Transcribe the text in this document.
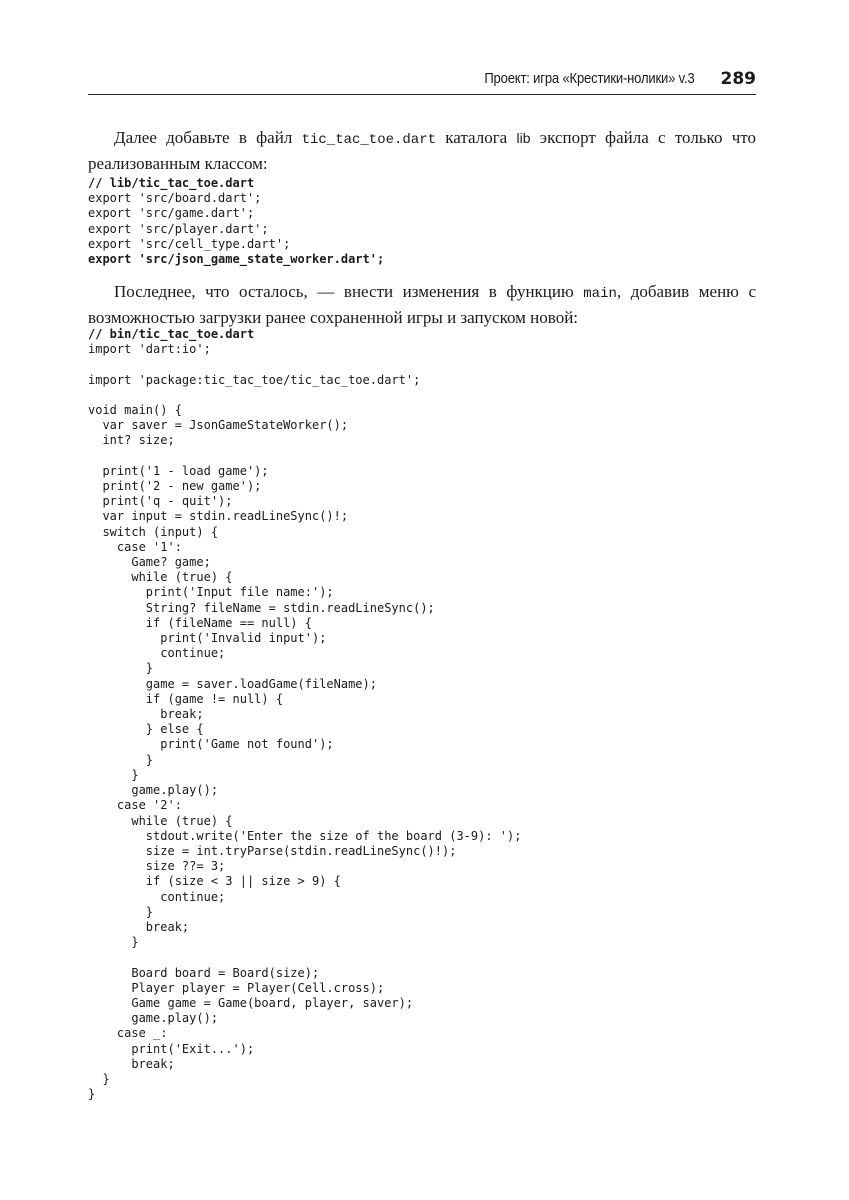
Проект: игра «Крестики-нолики» v.3 289

Далее добавьте в файл tic_tac_toe.dart каталога lib экспорт файла с только что реализованным классом:

// lib/tic_tac_toe.dart
export 'src/board.dart';
export 'src/game.dart';
export 'src/player.dart';
export 'src/cell_type.dart';
export 'src/json_game_state_worker.dart';

Последнее, что осталось, — внести изменения в функцию main, добавив меню с возможностью загрузки ранее сохраненной игры и запуском новой:

// bin/tic_tac_toe.dart
import 'dart:io';

import 'package:tic_tac_toe/tic_tac_toe.dart';

void main() {
var saver = JsonGameStateWorker();
int? size;

print('1 - load game');
print('2 - new game');
print('q - quit');
var input = stdin.readLineSync()!;
switch (input) {
case '1':
Game? game;
while (true) {
print('Input file name:');
String? fileName = stdin.readLineSync();
if (fileName == null) {
print('Invalid input');
continue;
}
game = saver.loadGame(fileName);
if (game != null) {
break;
} else {
print('Game not found');
}
}
game.play();
case '2':
while (true) {
stdout.write('Enter the size of the board (3-9): ');
size = int.tryParse(stdin.readLineSync()!);
size ??= 3;
if (size < 3 || size > 9) {
continue;
}
break;
}

Board board = Board(size);
Player player = Player(Cell.cross);
Game game = Game(board, player, saver);
game.play();
case _:
print('Exit...');
break;
}
}
